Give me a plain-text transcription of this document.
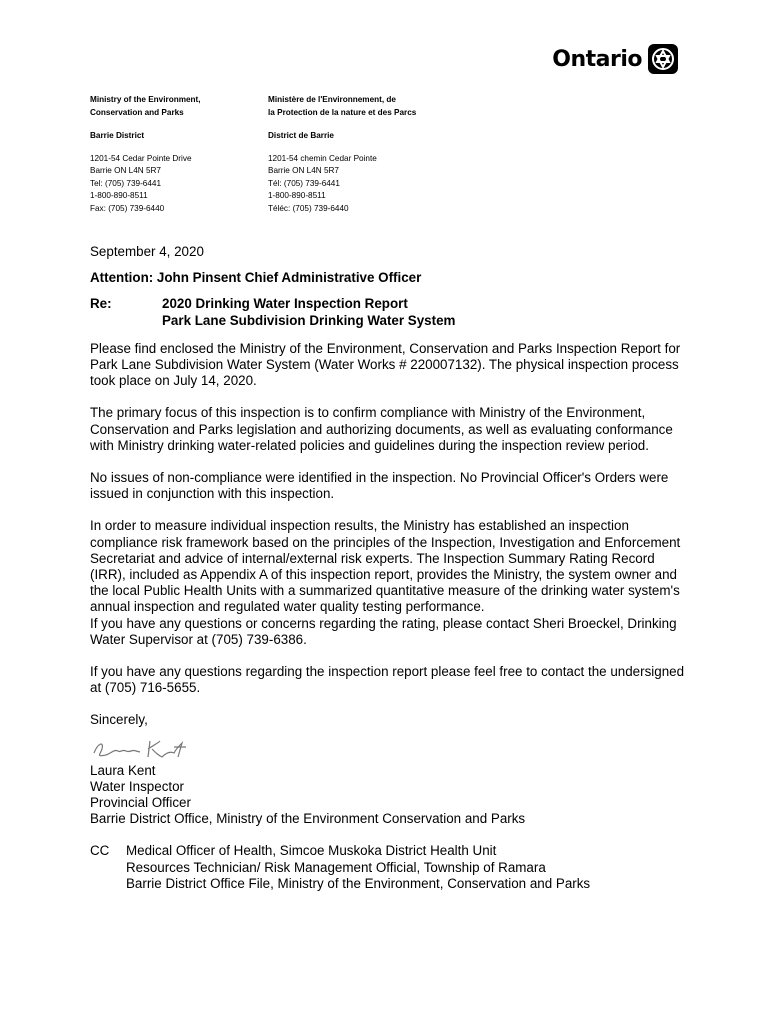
Ontario
Ministry of the Environment,
Conservation and Parks
Barrie District
1201-54 Cedar Pointe Drive
Barrie ON L4N 5R7
Tel: (705) 739-6441
1-800-890-8511
Fax: (705) 739-6440
Ministère de l'Environnement, de
la Protection de la nature et des Parcs
District de Barrie
1201-54 chemin Cedar Pointe
Barrie ON L4N 5R7
Tél: (705) 739-6441
1-800-890-8511
Téléc: (705) 739-6440
September 4, 2020
Attention: John Pinsent Chief Administrative Officer
Re:	2020 Drinking Water Inspection Report
Park Lane Subdivision Drinking Water System

Please find enclosed the Ministry of the Environment, Conservation and Parks Inspection Report for Park Lane Subdivision Water System (Water Works # 220007132). The physical inspection process took place on July 14, 2020.

The primary focus of this inspection is to confirm compliance with Ministry of the Environment, Conservation and Parks legislation and authorizing documents, as well as evaluating conformance with Ministry drinking water-related policies and guidelines during the inspection review period.

No issues of non-compliance were identified in the inspection. No Provincial Officer's Orders were issued in conjunction with this inspection.

In order to measure individual inspection results, the Ministry has established an inspection compliance risk framework based on the principles of the Inspection, Investigation and Enforcement Secretariat and advice of internal/external risk experts. The Inspection Summary Rating Record (IRR), included as Appendix A of this inspection report, provides the Ministry, the system owner and the local Public Health Units with a summarized quantitative measure of the drinking water system's annual inspection and regulated water quality testing performance.

If you have any questions or concerns regarding the rating, please contact Sheri Broeckel, Drinking Water Supervisor at (705) 739-6386.

If you have any questions regarding the inspection report please feel free to contact the undersigned at (705) 716-5655.

Sincerely,
Laura Kent
Water Inspector
Provincial Officer
Barrie District Office, Ministry of the Environment Conservation and Parks
CC	Medical Officer of Health, Simcoe Muskoka District Health Unit
Resources Technician/ Risk Management Official, Township of Ramara
Barrie District Office File, Ministry of the Environment, Conservation and Parks
